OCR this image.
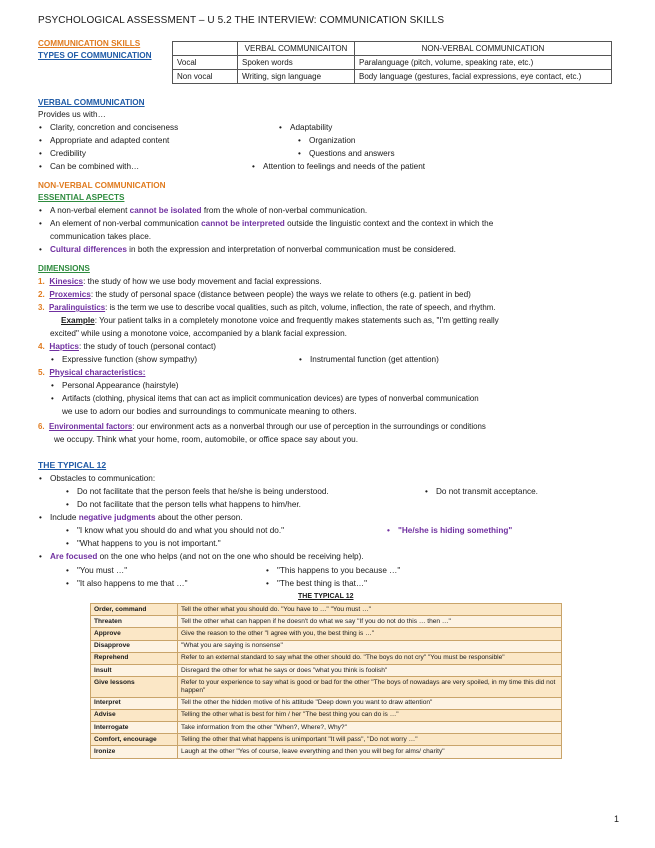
PSYCHOLOGICAL ASSESSMENT – U 5.2 THE INTERVIEW: COMMUNICATION SKILLS
COMMUNICATION SKILLS
TYPES OF COMMUNICATION
	VERBAL COMMUNICAITON	NON-VERBAL COMMUNICATION
Vocal	Spoken words	Paralanguage (pitch, volume, speaking rate, etc.)
Non vocal	Writing, sign language	Body language (gestures, facial expressions, eye contact, etc.)
VERBAL COMMUNICATION
Provides us with…
• Clarity, concretion and conciseness
• Appropriate and adapted content
• Credibility
• Can be combined with…
• Adaptability
• Organization
• Questions and answers
• Attention to feelings and needs of the patient
NON-VERBAL COMMUNICATION
ESSENTIAL ASPECTS
• A non-verbal element cannot be isolated from the whole of non-verbal communication.
• An element of non-verbal communication cannot be interpreted outside the linguistic context and the context in which the
communication takes place.
• Cultural differences in both the expression and interpretation of nonverbal communication must be considered.
DIMENSIONS
1. Kinesics: the study of how we use body movement and facial expressions.
2. Proxemics: the study of personal space (distance between people) the ways we relate to others (e.g. patient in bed)
3. Paralinguistics: is the term we use to describe vocal qualities, such as pitch, volume, inflection, the rate of speech, and rhythm.
Example: Your patient talks in a completely monotone voice and frequently makes statements such as, "I'm getting really
excited" while using a monotone voice, accompanied by a blank facial expression.
4. Haptics: the study of touch (personal contact)
• Expressive function (show sympathy)	• Instrumental function (get attention)
5. Physical characteristics:
• Personal Appearance (hairstyle)
• Artifacts (clothing, physical items that can act as implicit communication devices) are types of nonverbal communication
we use to adorn our bodies and surroundings to communicate meaning to others.
6. Environmental factors: our environment acts as a nonverbal through our use of perception in the surroundings or conditions
we occupy. Think what your home, room, automobile, or office space say about you.
THE TYPICAL 12
• Obstacles to communication:
• Do not facilitate that the person feels that he/she is being understood.	• Do not transmit acceptance.
• Do not facilitate that the person tells what happens to him/her.
• Include negative judgments about the other person.
• "I know what you should do and what you should not do."	• "He/she is hiding something"
• "What happens to you is not important."
• Are focused on the one who helps (and not on the one who should be receiving help).
• "You must …"	• "This happens to you because …"
• "It also happens to me that …"	• "The best thing is that…"
THE TYPICAL 12
Order, command	Tell the other what you should do. "You have to …" "You must …"
Threaten	Tell the other what can happen if he doesn't do what we say "If you do not do this … then …"
Approve	Give the reason to the other "I agree with you, the best thing is …"
Disapprove	"What you are saying is nonsense"
Reprehend	Refer to an external standard to say what the other should do. "The boys do not cry" "You must be responsible"
Insult	Disregard the other for what he says or does "what you think is foolish"
Give lessons	Refer to your experience to say what is good or bad for the other "The boys of nowadays are very spoiled, in my time this did not happen"
Interpret	Tell the other the hidden motive of his attitude "Deep down you want to draw attention"
Advise	Telling the other what is best for him / her "The best thing you can do is …"
Interrogate	Take information from the other "When?, Where?, Why?"
Comfort, encourage	Telling the other that what happens is unimportant "It will pass", "Do not worry …"
Ironize	Laugh at the other "Yes of course, leave everything and then you will beg for alms/ charity"
1
